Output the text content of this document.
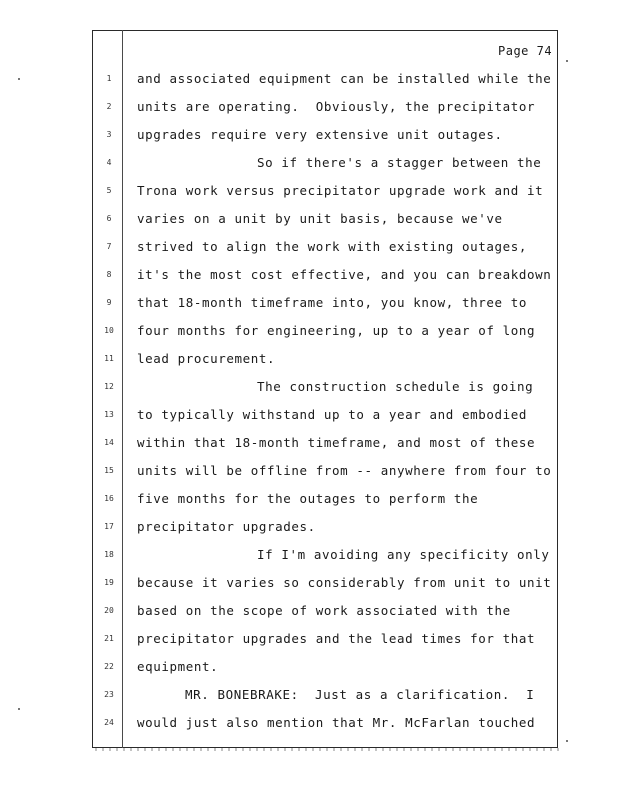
Page 74
1	and associated equipment can be installed while the
2	units are operating.  Obviously, the precipitator
3	upgrades require very extensive unit outages.
4	So if there's a stagger between the
5	Trona work versus precipitator upgrade work and it
6	varies on a unit by unit basis, because we've
7	strived to align the work with existing outages,
8	it's the most cost effective, and you can breakdown
9	that 18-month timeframe into, you know, three to
10	four months for engineering, up to a year of long
11	lead procurement.
12	The construction schedule is going
13	to typically withstand up to a year and embodied
14	within that 18-month timeframe, and most of these
15	units will be offline from -- anywhere from four to
16	five months for the outages to perform the
17	precipitator upgrades.
18	If I'm avoiding any specificity only
19	because it varies so considerably from unit to unit
20	based on the scope of work associated with the
21	precipitator upgrades and the lead times for that
22	equipment.
23	MR. BONEBRAKE:  Just as a clarification.  I
24	would just also mention that Mr. McFarlan touched
